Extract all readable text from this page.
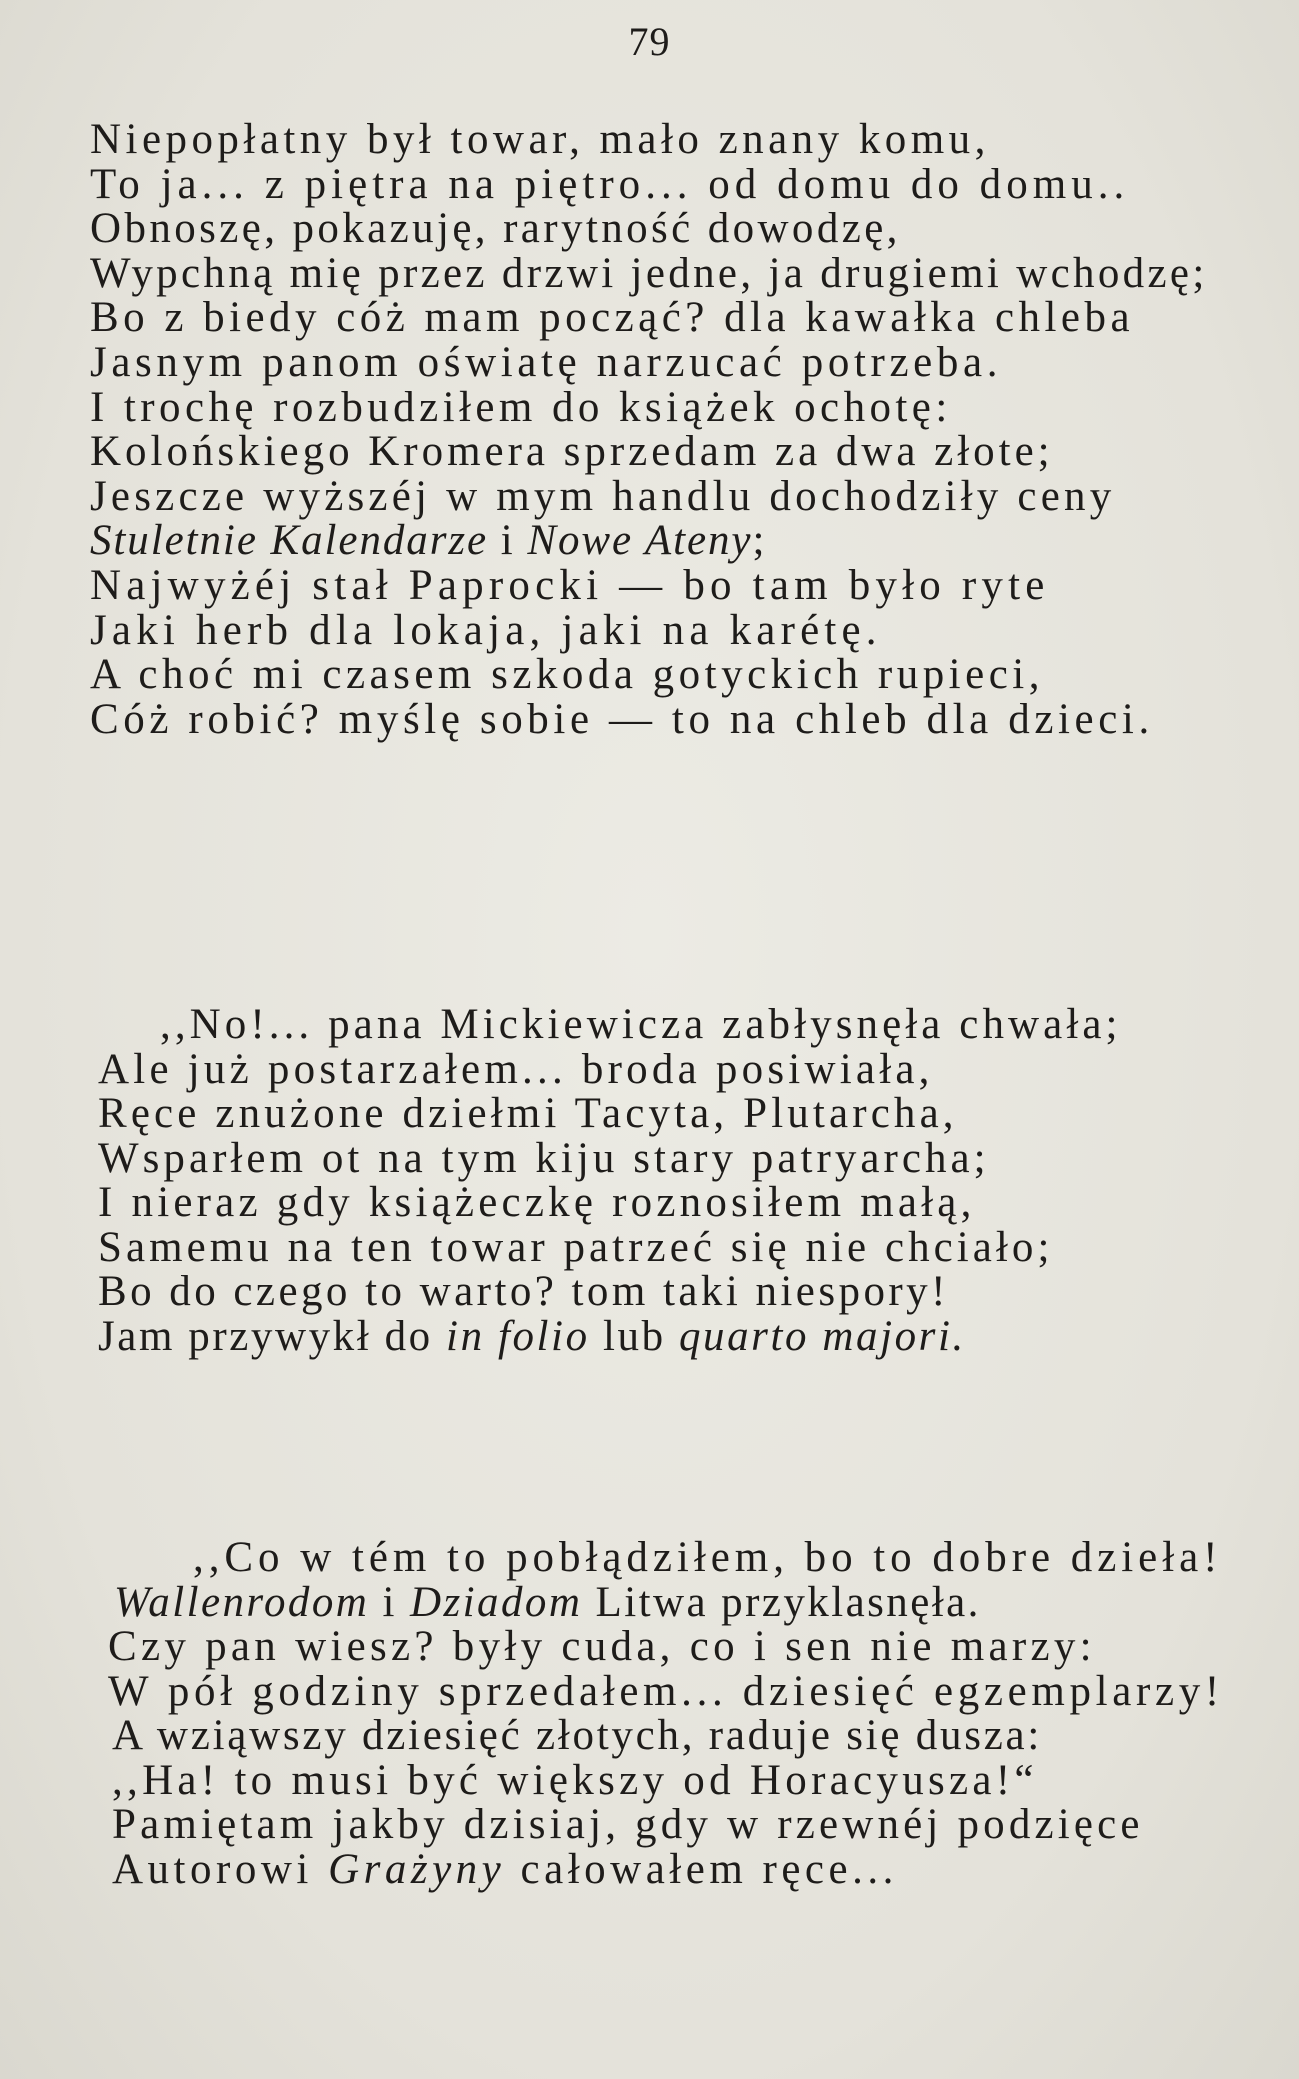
79
Niepopłatny był towar, mało znany komu,
To ja... z piętra na piętro... od domu do domu..
Obnoszę, pokazuję, rarytność dowodzę,
Wypchną mię przez drzwi jedne, ja drugiemi wchodzę;
Bo z biedy cóż mam począć? dla kawałka chleba
Jasnym panom oświatę narzucać potrzeba.
I trochę rozbudziłem do książek ochotę:
Kolońskiego Kromera sprzedam za dwa złote;
Jeszcze wyższéj w mym handlu dochodziły ceny
Stuletnie Kalendarze i Nowe Ateny;
Najwyżéj stał Paprocki — bo tam było ryte
Jaki herb dla lokaja, jaki na karétę.
A choć mi czasem szkoda gotyckich rupieci,
Cóż robić? myślę sobie — to na chleb dla dzieci.
,,No!... pana Mickiewicza zabłysnęła chwała;
Ale już postarzałem... broda posiwiała,
Ręce znużone dziełmi Tacyta, Plutarcha,
Wsparłem ot na tym kiju stary patryarcha;
I nieraz gdy książeczkę roznosiłem małą,
Samemu na ten towar patrzeć się nie chciało;
Bo do czego to warto? tom taki niespory!
Jam przywykł do in folio lub quarto majori.
,,Co w tém to pobłądziłem, bo to dobre dzieła!
Wallenrodom i Dziadom Litwa przyklasnęła.
Czy pan wiesz? były cuda, co i sen nie marzy:
W pół godziny sprzedałem... dziesięć egzemplarzy!
A wziąwszy dziesięć złotych, raduje się dusza:
,,Ha! to musi być większy od Horacyusza!“
Pamiętam jakby dzisiaj, gdy w rzewnéj podzięce
Autorowi Grażyny całowałem ręce...
